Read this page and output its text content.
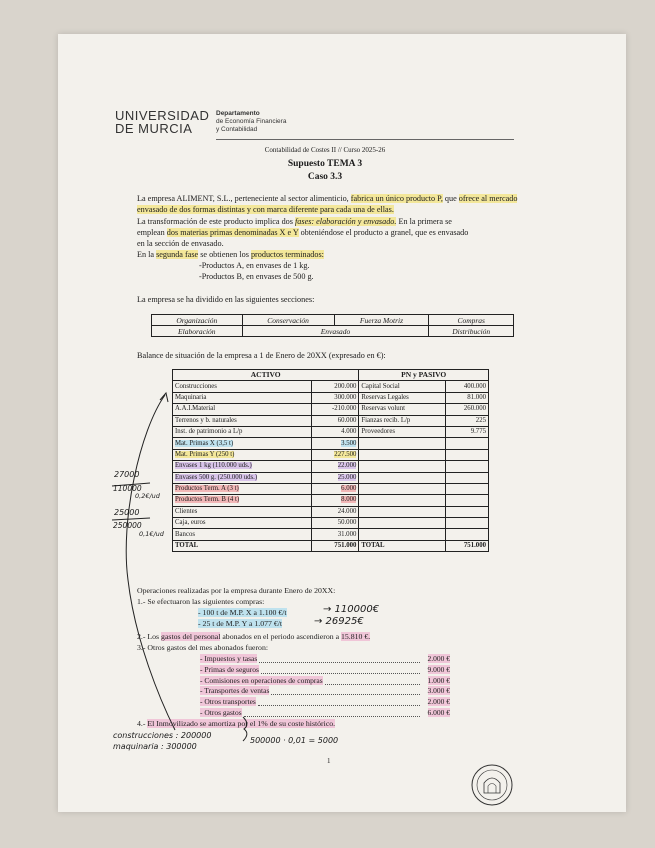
UNIVERSIDAD
DE MURCIA
Departamento
de Economía Financiera
y Contabilidad
Contabilidad de Costes II // Curso 2025-26
Supuesto TEMA 3
Caso 3.3
La empresa ALIMENT, S.L., perteneciente al sector alimenticio, fabrica un único producto P, que ofrece al mercado envasado de dos formas distintas y con marca diferente para cada una de ellas.
La transformación de este producto implica dos fases: elaboración y envasado. En la primera se
emplean dos materias primas denominadas X e Y obteniéndose el producto a granel, que es envasado
en la sección de envasado.
En la segunda fase se obtienen los productos terminados:
-Productos A, en envases de 1 kg.
-Productos B, en envases de 500 g.
La empresa se ha dividido en las siguientes secciones:
Organización	Conservación	Fuerza Motriz	Compras
Elaboración	Envasado		Distribución
Balance de situación de la empresa a 1 de Enero de 20XX (expresado en €):
ACTIVO		PN y PASIVO	
Construcciones	200.000	Capital Social	400.000
Maquinaria	300.000	Reservas Legales	81.000
A.A.I.Material	-210.000	Reservas volunt	260.000
Terrenos y b. naturales	60.000	Fianzas recib. L/p	225
Inst. de patrimonio a L/p	4.000	Proveedores	9.775
Mat. Primas X (3,5 t)	3.500		
Mat. Primas Y (250 t)	227.500		
Envases 1 kg (110.000 uds.)	22.000		
Envases 500 g. (250.000 uds.)	25.000		
Productos Term. A (3 t)	6.000		
Productos Term. B (4 t)	8.000		
Clientes	24.000		
Caja, euros	50.000		
Bancos	31.000		
TOTAL	751.000	TOTAL	751.000
Operaciones realizadas por la empresa durante Enero de 20XX:
1.- Se efectuaron las siguientes compras:
- 100 t de M.P. X a 1.100 €/t
- 25 t de M.P. Y a 1.077 €/t
2.- Los gastos del personal abonados en el periodo ascendieron a 15.810 €.
3.- Otros gastos del mes abonados fueron:
- Impuestos y tasas	2.000 €
- Primas de seguros	9.000 €
- Comisiones en operaciones de compras	1.000 €
- Transportes de ventas	3.000 €
- Otros transportes	2.000 €
- Otros gastos	6.000 €
4.- El Inmovilizado se amortiza por el 1% de su coste histórico.
27000
110000
0,2€/ud
25000
250000
0,1€/ud
→ 110000€
→ 26925€
construcciones : 200000
maquinaria : 300000
500000 · 0,01 = 5000
1
